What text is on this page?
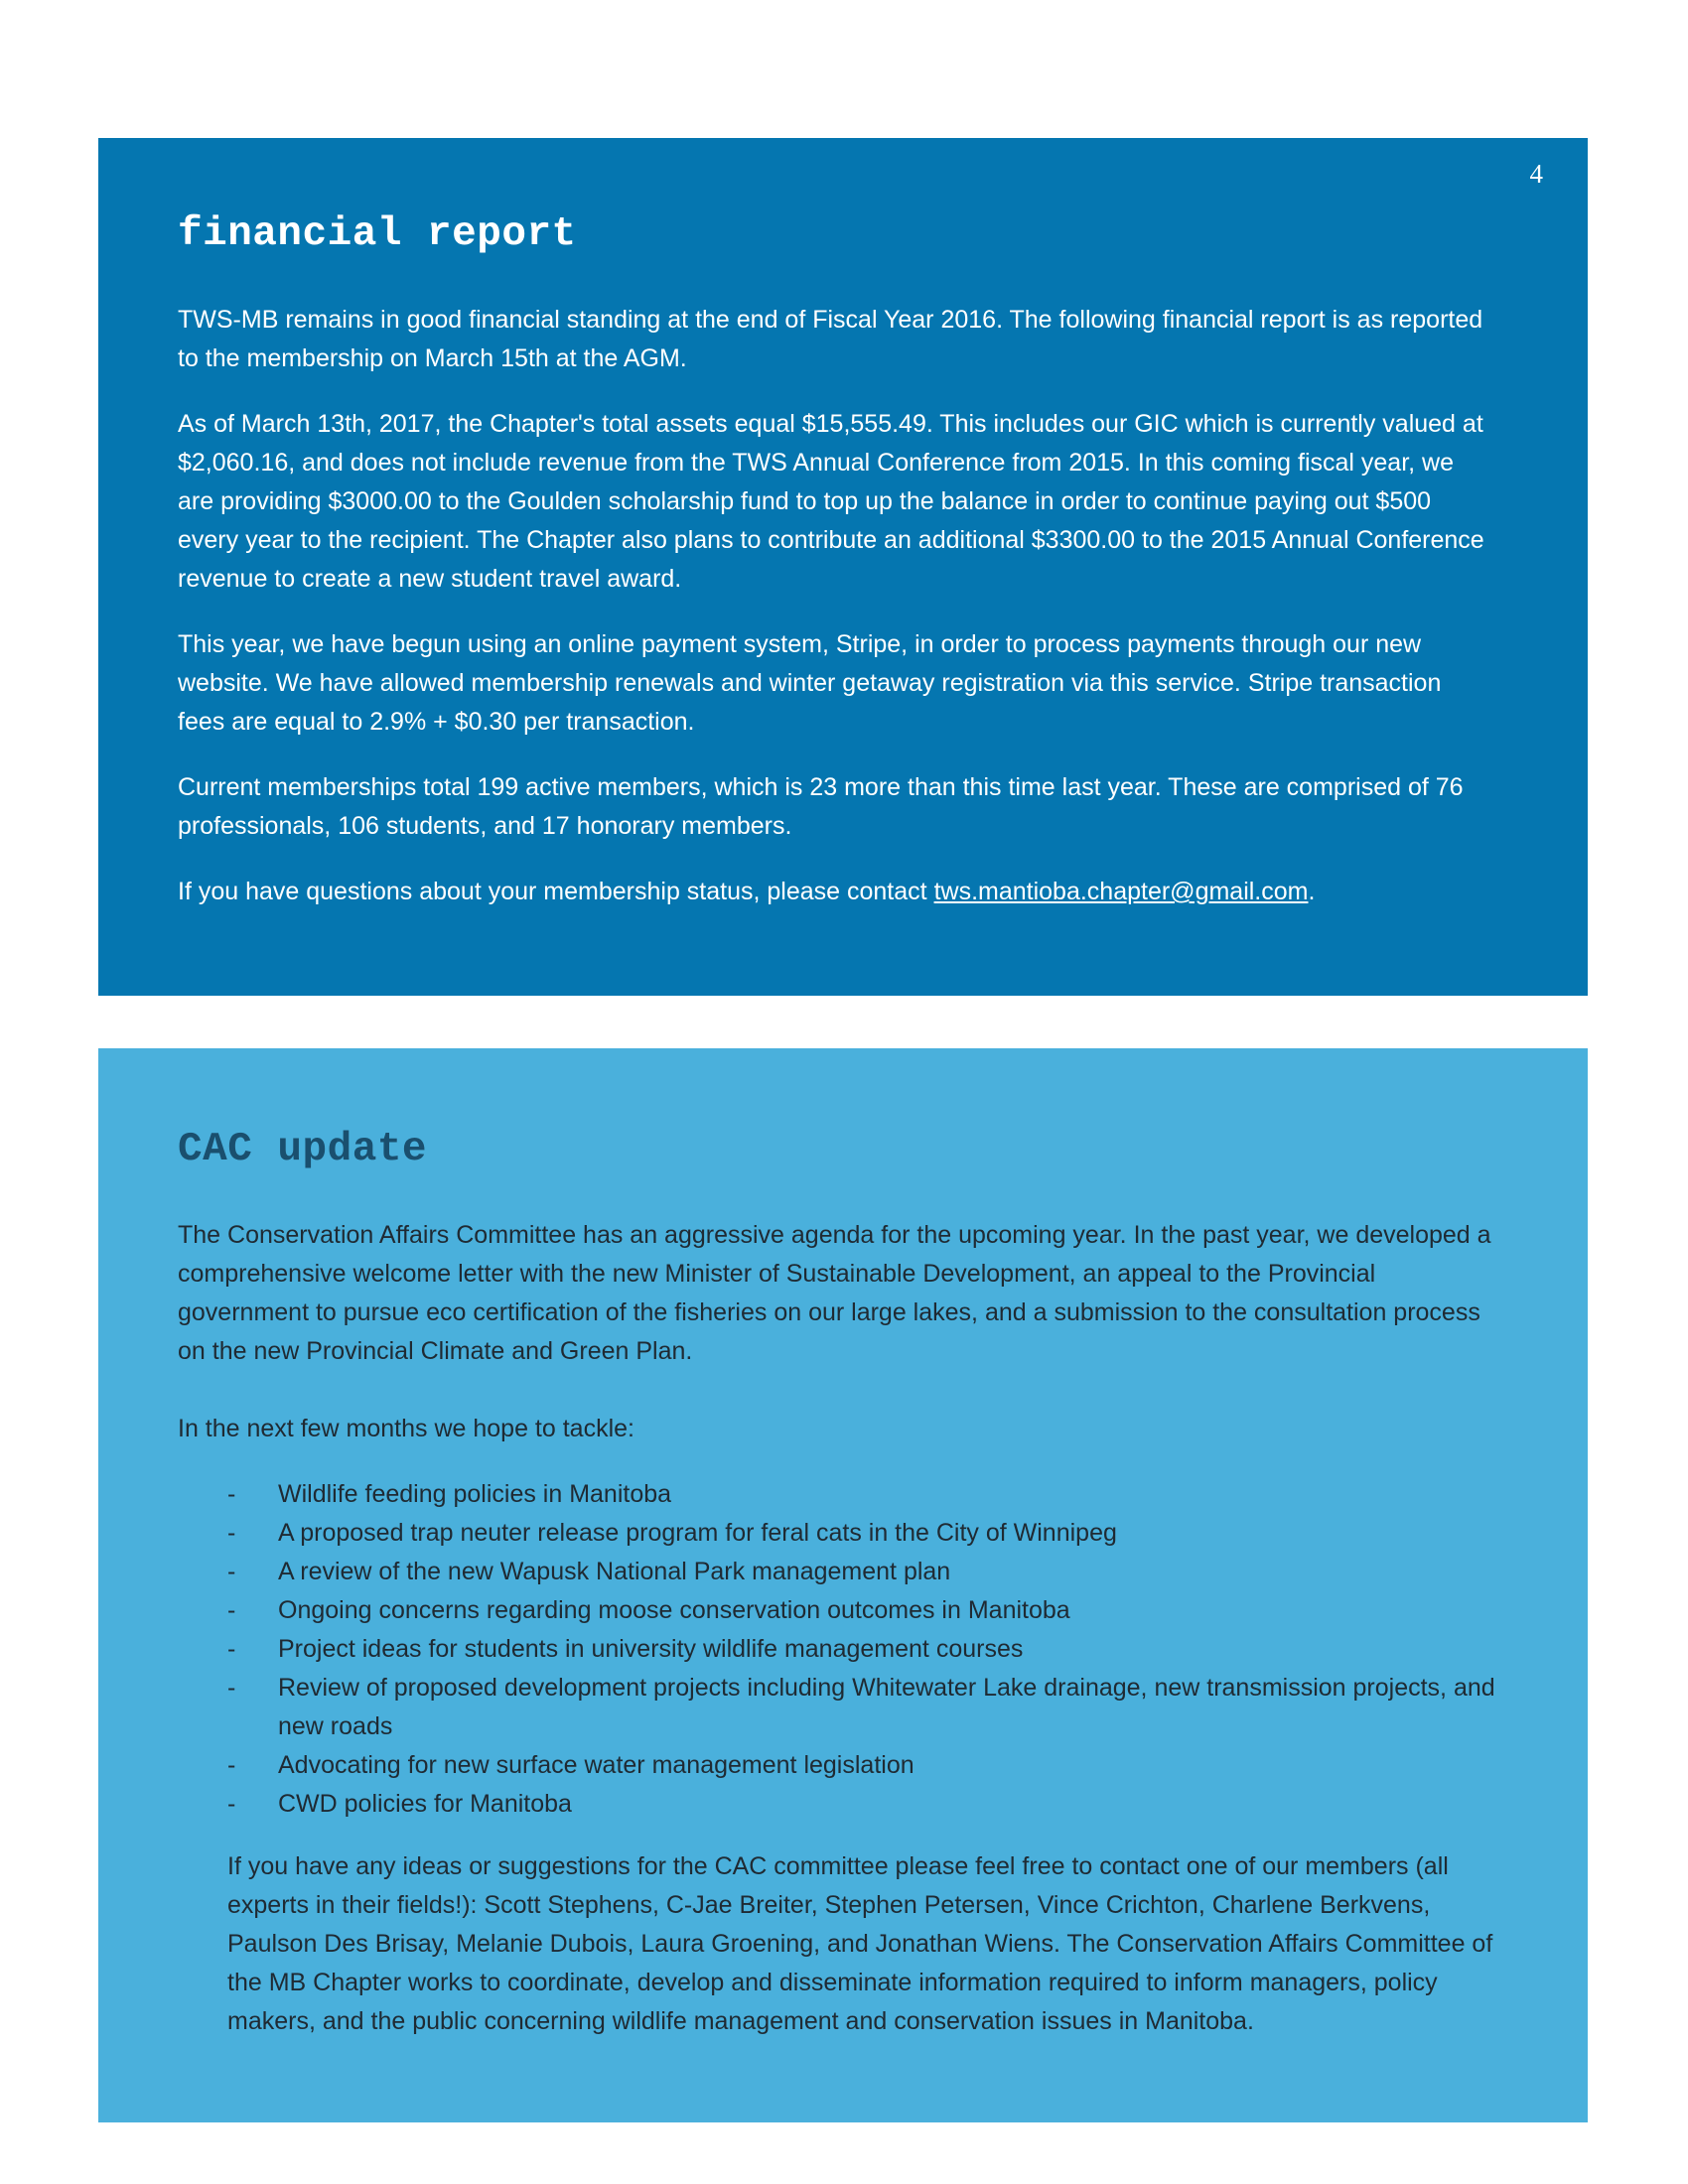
4
financial report

TWS-MB remains in good financial standing at the end of Fiscal Year 2016. The following financial report is as reported to the membership on March 15th at the AGM.

As of March 13th, 2017, the Chapter's total assets equal $15,555.49. This includes our GIC which is currently valued at $2,060.16, and does not include revenue from the TWS Annual Conference from 2015. In this coming fiscal year, we are providing $3000.00 to the Goulden scholarship fund to top up the balance in order to continue paying out $500 every year to the recipient. The Chapter also plans to contribute an additional $3300.00 to the 2015 Annual Conference revenue to create a new student travel award.

This year, we have begun using an online payment system, Stripe, in order to process payments through our new website. We have allowed membership renewals and winter getaway registration via this service. Stripe transaction fees are equal to 2.9% + $0.30 per transaction.

Current memberships total 199 active members, which is 23 more than this time last year. These are comprised of 76 professionals, 106 students, and 17 honorary members.

If you have questions about your membership status, please contact tws.mantioba.chapter@gmail.com.

CAC update

The Conservation Affairs Committee has an aggressive agenda for the upcoming year. In the past year, we developed a comprehensive welcome letter with the new Minister of Sustainable Development, an appeal to the Provincial government to pursue eco certification of the fisheries on our large lakes, and a submission to the consultation process on the new Provincial Climate and Green Plan.

In the next few months we hope to tackle:

- Wildlife feeding policies in Manitoba
- A proposed trap neuter release program for feral cats in the City of Winnipeg
- A review of the new Wapusk National Park management plan
- Ongoing concerns regarding moose conservation outcomes in Manitoba
- Project ideas for students in university wildlife management courses
- Review of proposed development projects including Whitewater Lake drainage, new transmission projects, and new roads
- Advocating for new surface water management legislation
- CWD policies for Manitoba

If you have any ideas or suggestions for the CAC committee please feel free to contact one of our members (all experts in their fields!): Scott Stephens, C-Jae Breiter, Stephen Petersen, Vince Crichton, Charlene Berkvens, Paulson Des Brisay, Melanie Dubois, Laura Groening, and Jonathan Wiens. The Conservation Affairs Committee of the MB Chapter works to coordinate, develop and disseminate information required to inform managers, policy makers, and the public concerning wildlife management and conservation issues in Manitoba.
